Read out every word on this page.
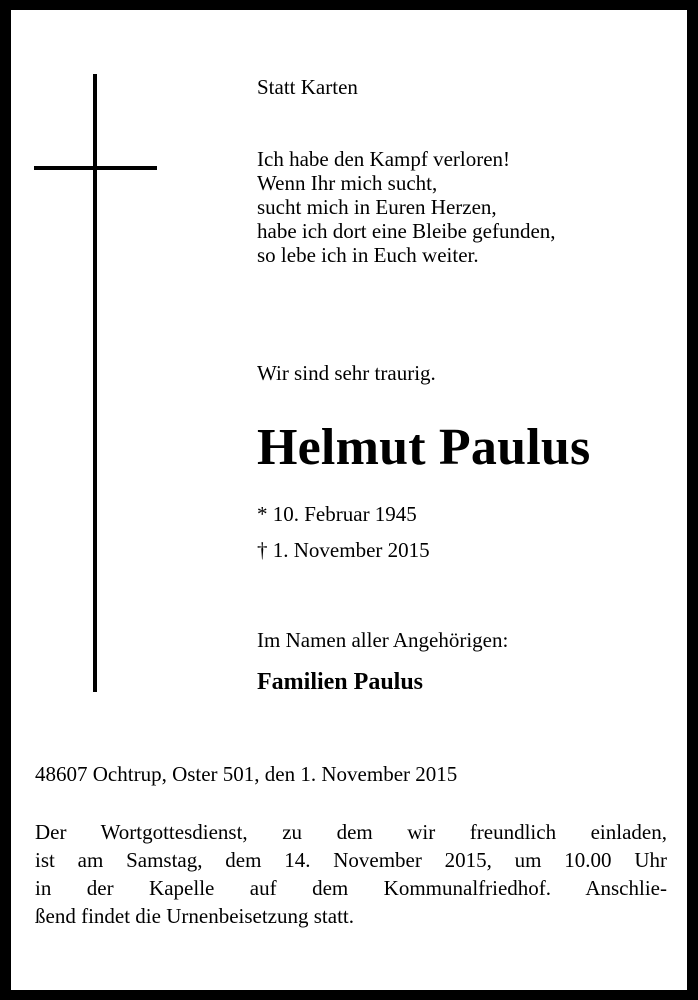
Statt Karten
Ich habe den Kampf verloren!
Wenn Ihr mich sucht,
sucht mich in Euren Herzen,
habe ich dort eine Bleibe gefunden,
so lebe ich in Euch weiter.
Wir sind sehr traurig.
Helmut Paulus
* 10. Februar 1945
† 1. November 2015
Im Namen aller Angehörigen:
Familien Paulus
48607 Ochtrup, Oster 501, den 1. November 2015
Der Wortgottesdienst, zu dem wir freundlich einladen,
ist am Samstag, dem 14. November 2015, um 10.00 Uhr
in der Kapelle auf dem Kommunalfriedhof. Anschlie-
ßend findet die Urnenbeisetzung statt.
